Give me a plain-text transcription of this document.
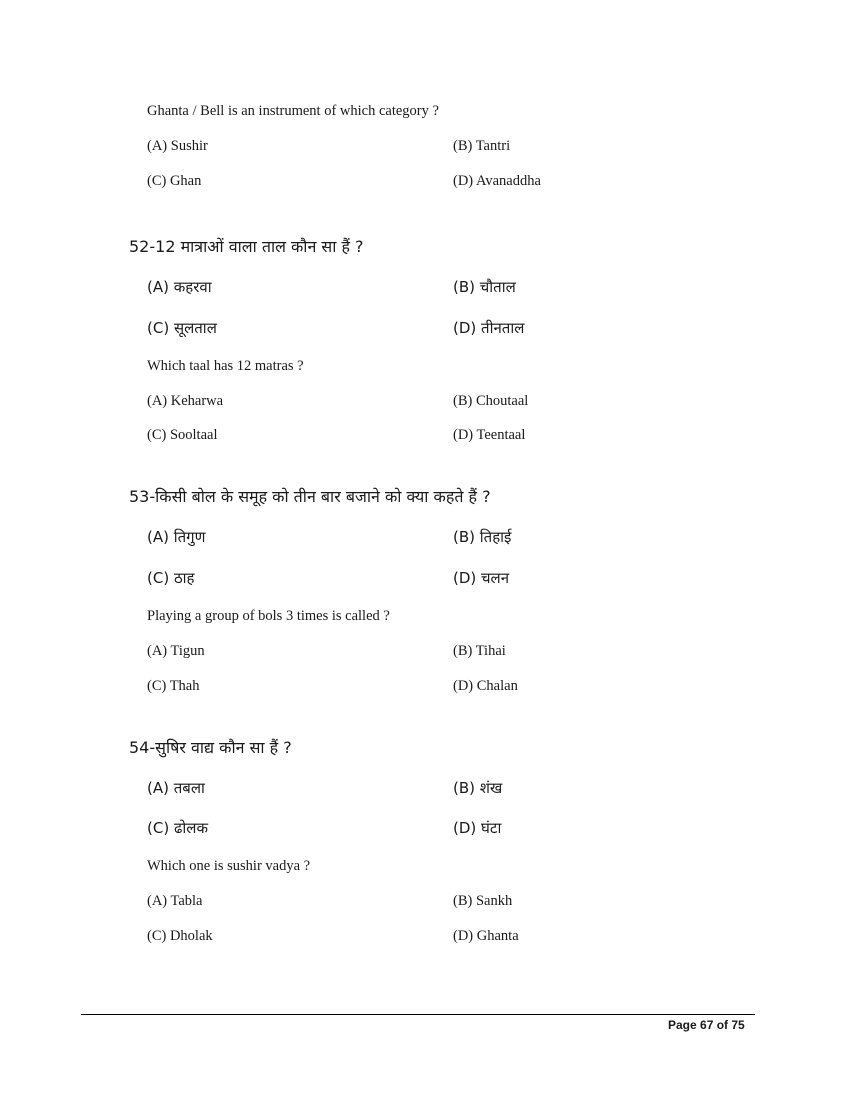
Ghanta / Bell is an instrument of which category ?
(A) Sushir	(B) Tantri
(C) Ghan	(D) Avanaddha
52-12 मात्राओं वाला ताल कौन सा हैं ?
(A) कहरवा	(B) चौताल
(C) सूलताल	(D) तीनताल
Which taal has 12 matras ?
(A) Keharwa	(B) Choutaal
(C) Sooltaal	(D) Teentaal
53-किसी बोल के समूह को तीन बार बजाने को क्या कहते हैं ?
(A) तिगुण	(B) तिहाई
(C) ठाह	(D) चलन
Playing a group of bols 3 times is called ?
(A) Tigun	(B) Tihai
(C) Thah	(D) Chalan
54-सुषिर वाद्य कौन सा हैं ?
(A) तबला	(B) शंख
(C) ढोलक	(D) घंटा
Which one is sushir vadya ?
(A) Tabla	(B) Sankh
(C) Dholak	(D) Ghanta
Page 67 of 75
